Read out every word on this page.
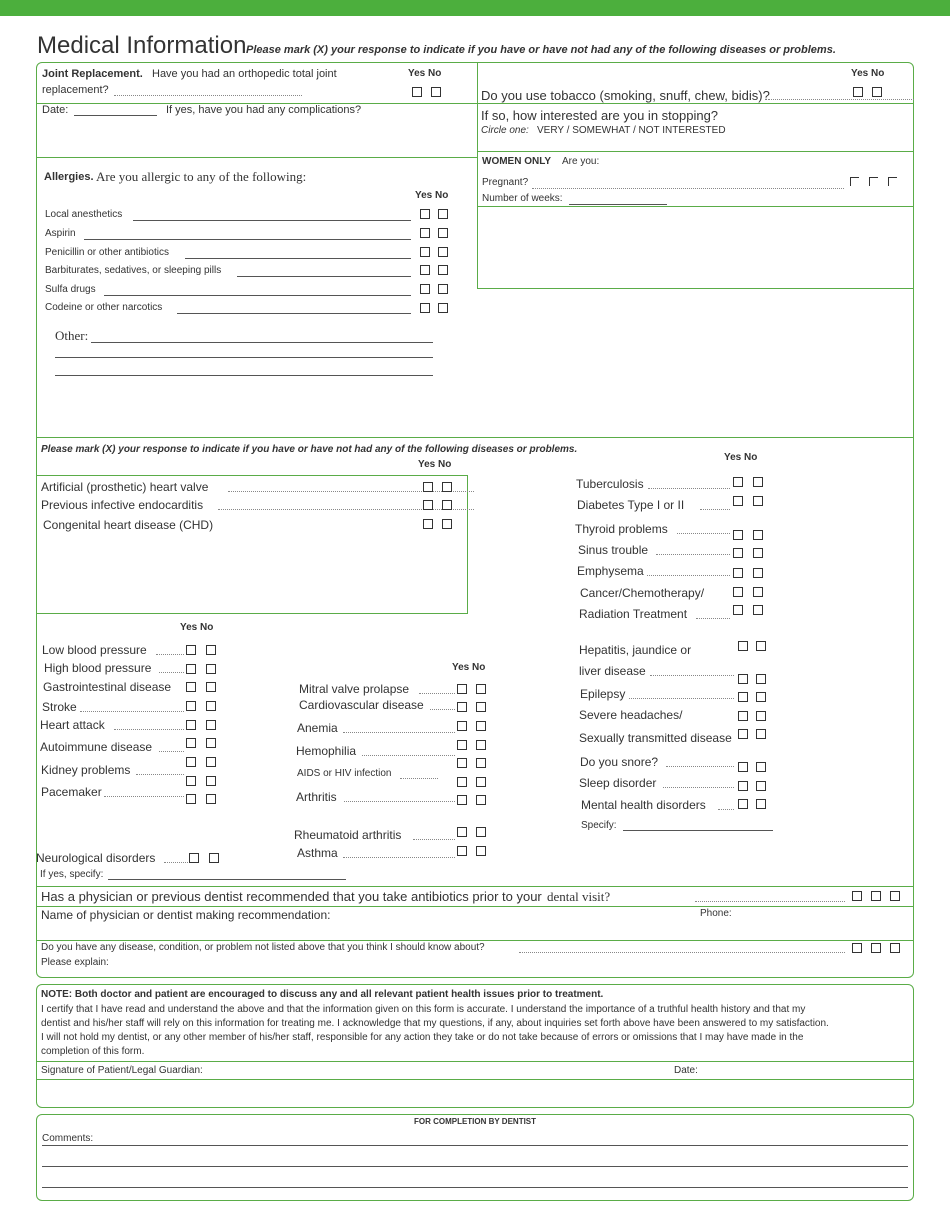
Medical Information Please mark (X) your response to indicate if you have or have not had any of the following diseases or problems.
Joint Replacement. Have you had an orthopedic total joint
replacement?
Yes No
Date:	If yes, have you had any complications?
Yes No
Do you use tobacco (smoking, snuff, chew, bidis)?
If so, how interested are you in stopping?
Circle one: VERY / SOMEWHAT / NOT INTERESTED
WOMEN ONLY Are you:
Pregnant?
Number of weeks:
Allergies. Are you allergic to any of the following:
Yes No
Local anesthetics
Aspirin
Penicillin or other antibiotics
Barbiturates, sedatives, or sleeping pills
Sulfa drugs
Codeine or other narcotics
Other:
Please mark (X) your response to indicate if you have or have not had any of the following diseases or problems.
Yes No
Yes No
Artificial (prosthetic) heart valve
Previous infective endocarditis
Congenital heart disease (CHD)
Tuberculosis
Diabetes Type I or II
Thyroid problems
Sinus trouble
Emphysema
Cancer/Chemotherapy/
Radiation Treatment
Yes No
Low blood pressure
High blood pressure
Gastrointestinal disease
Stroke
Heart attack
Autoimmune disease
Kidney problems
Pacemaker
Neurological disorders
If yes, specify:
Yes No
Mitral valve prolapse
Cardiovascular disease
Anemia
Hemophilia
AIDS or HIV infection
Arthritis
Rheumatoid arthritis
Asthma
Hepatitis, jaundice or
liver disease
Epilepsy
Severe headaches/
Sexually transmitted disease
Do you snore?
Sleep disorder
Mental health disorders
Specify:
Has a physician or previous dentist recommended that you take antibiotics prior to your dental visit?
Name of physician or dentist making recommendation:	Phone:
Do you have any disease, condition, or problem not listed above that you think I should know about?
Please explain:
NOTE: Both doctor and patient are encouraged to discuss any and all relevant patient health issues prior to treatment.
I certify that I have read and understand the above and that the information given on this form is accurate. I understand the importance of a truthful health history and that my
dentist and his/her staff will rely on this information for treating me. I acknowledge that my questions, if any, about inquiries set forth above have been answered to my satisfaction.
I will not hold my dentist, or any other member of his/her staff, responsible for any action they take or do not take because of errors or omissions that I may have made in the
completion of this form.
Signature of Patient/Legal Guardian:	Date:
FOR COMPLETION BY DENTIST
Comments:
